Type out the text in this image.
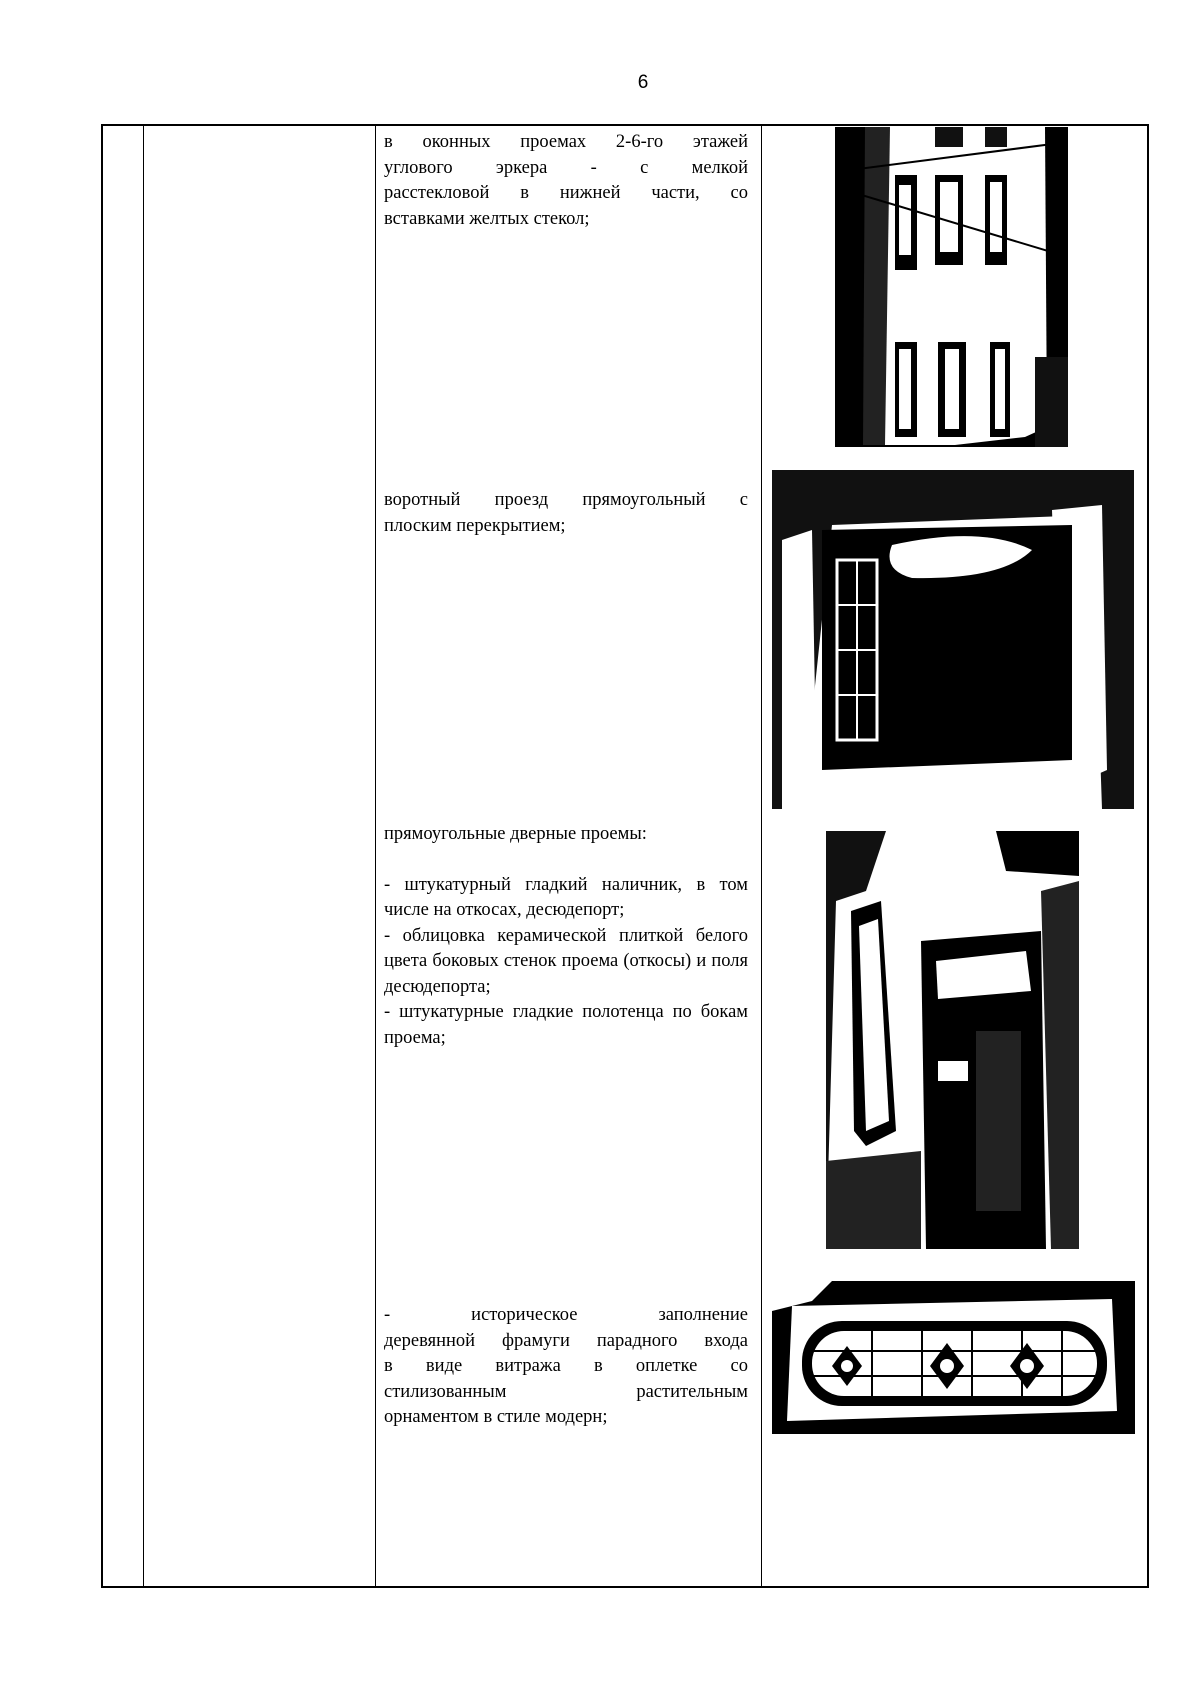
6

в оконных проемах 2-6-го этажей

углового эркера - с мелкой

расстекловой в нижней части, со

вставками желтых стекол;

воротный проезд прямоугольный с

плоским перекрытием;

прямоугольные дверные проемы:

- штукатурный гладкий наличник, в том числе на откосах, десюдепорт;

- облицовка керамической плиткой белого цвета боковых стенок проема (откосы) и поля десюдепорта;

- штукатурные гладкие полотенца по бокам проема;

- историческое заполнение

деревянной фрамуги парадного входа

в виде витража в оплетке со

стилизованным растительным

орнаментом в стиле модерн;
